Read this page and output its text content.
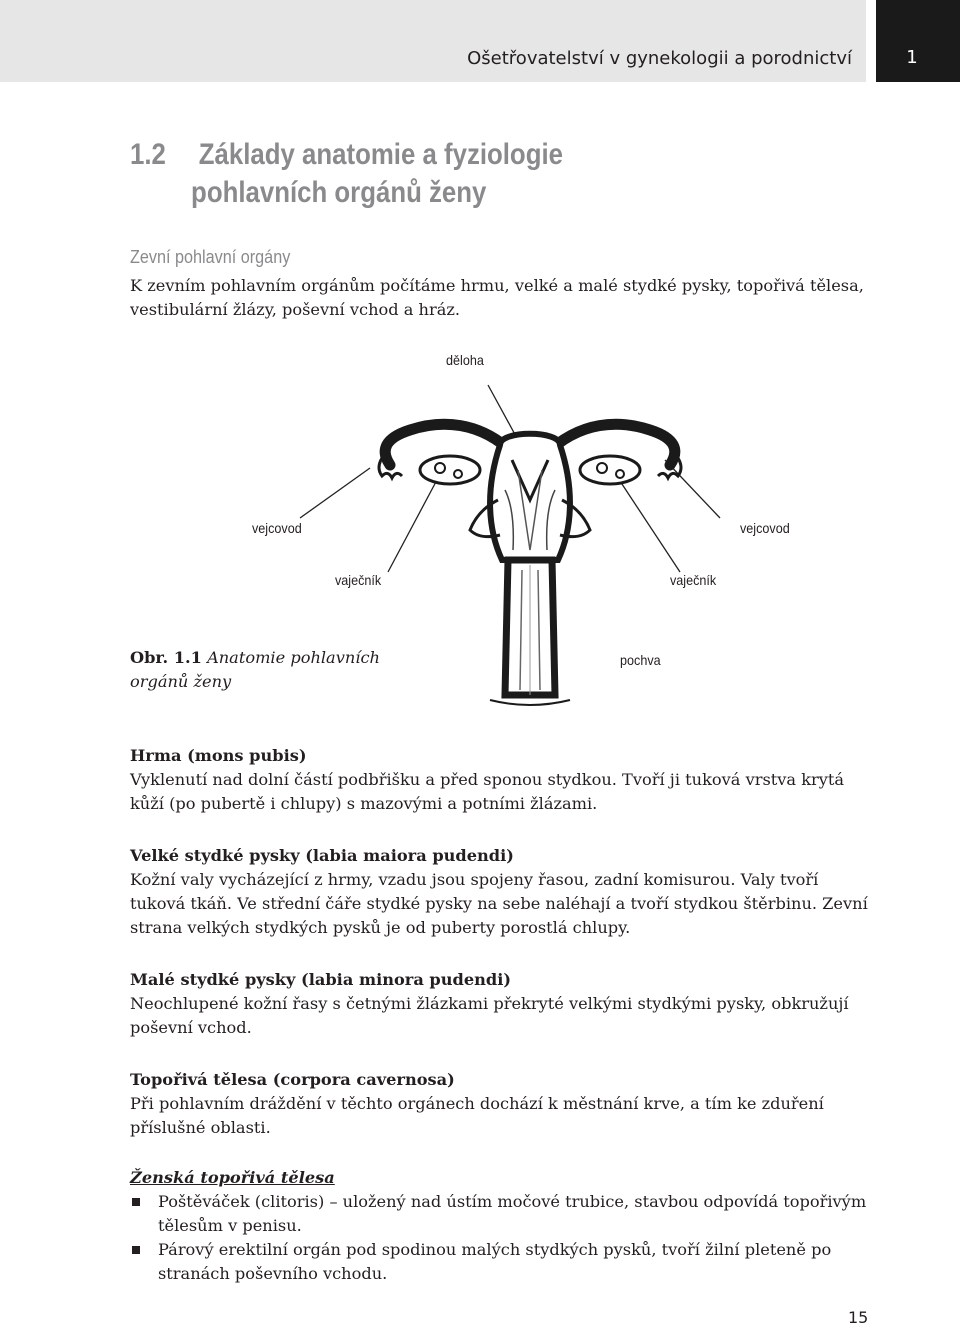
Ošetřovatelství v gynekologii a porodnictví	1
1.2 Základy anatomie a fyziologie
pohlavních orgánů ženy
Zevní pohlavní orgány
K zevním pohlavním orgánům počítáme hrmu, velké a malé stydké pysky, topořivá tělesa, vestibulární žlázy, poševní vchod a hráz.
děloha
vejcovod	vejcovod
vaječník	vaječník
pochva
Obr. 1.1 Anatomie pohlavních orgánů ženy
Hrma (mons pubis)
Vyklenutí nad dolní částí podbřišku a před sponou stydkou. Tvoří ji tuková vrstva krytá kůží (po pubertě i chlupy) s mazovými a potními žlázami.
Velké stydké pysky (labia maiora pudendi)
Kožní valy vycházející z hrmy, vzadu jsou spojeny řasou, zadní komisurou. Valy tvoří tuková tkáň. Ve střední čáře stydké pysky na sebe naléhají a tvoří stydkou štěrbinu. Zevní strana velkých stydkých pysků je od puberty porostlá chlupy.
Malé stydké pysky (labia minora pudendi)
Neochlupené kožní řasy s četnými žlázkami překryté velkými stydkými pysky, obkružují poševní vchod.
Topořivá tělesa (corpora cavernosa)
Při pohlavním dráždění v těchto orgánech dochází k městnání krve, a tím ke zduření příslušné oblasti.
Ženská topořivá tělesa
Poštěváček (clitoris) – uložený nad ústím močové trubice, stavbou odpovídá topořivým tělesům v penisu.
Párový erektilní orgán pod spodinou malých stydkých pysků, tvoří žilní pleteně po stranách poševního vchodu.
15
